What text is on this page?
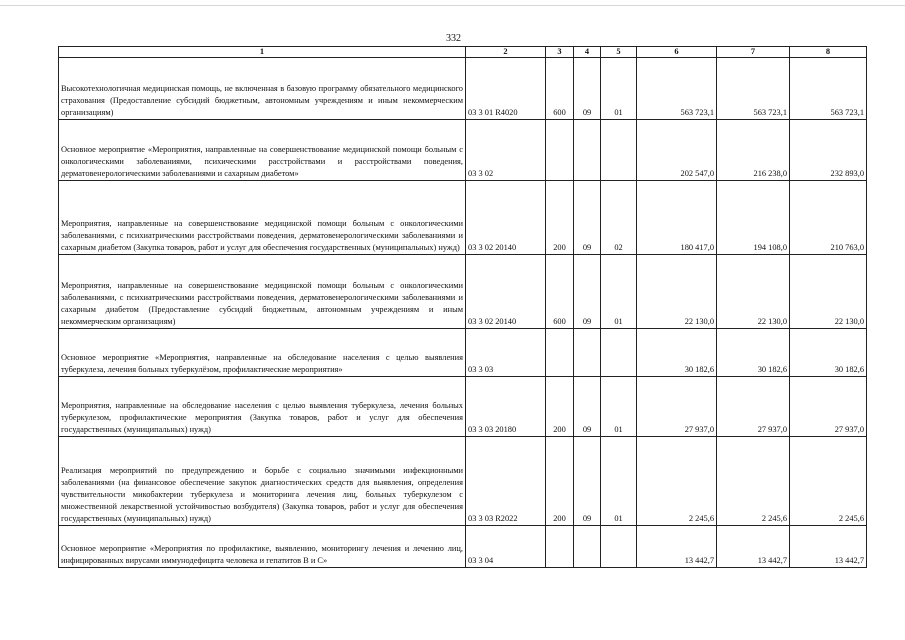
332
1	2	3	4	5	6	7	8
Высокотехнологичная медицинская помощь, не включенная в базовую программу обязательного медицинского страхования (Предоставление субсидий бюджетным, автономным учреждениям и иным некоммерческим организациям)	03 3 01 R4020	600	09	01	563 723,1	563 723,1	563 723,1
Основное мероприятие «Мероприятия, направленные на совершенствование медицинской помощи больным с онкологическими заболеваниями, психическими расстройствами и расстройствами поведения, дерматовенерологическими заболеваниями и сахарным диабетом»	03 3 02				202 547,0	216 238,0	232 893,0
Мероприятия, направленные на совершенствование медицинской помощи больным с онкологическими заболеваниями, с психиатрическими расстройствами поведения, дерматовенерологическими заболеваниями и сахарным диабетом (Закупка товаров, работ и услуг для обеспечения государственных (муниципальных) нужд)	03 3 02 20140	200	09	02	180 417,0	194 108,0	210 763,0
Мероприятия, направленные на совершенствование медицинской помощи больным с онкологическими заболеваниями, с психиатрическими расстройствами поведения, дерматовенерологическими заболеваниями и сахарным диабетом (Предоставление субсидий бюджетным, автономным учреждениям и иным некоммерческим организациям)	03 3 02 20140	600	09	01	22 130,0	22 130,0	22 130,0
Основное мероприятие «Мероприятия, направленные на обследование населения с целью выявления туберкулеза, лечения больных туберкулёзом, профилактические мероприятия»	03 3 03				30 182,6	30 182,6	30 182,6
Мероприятия, направленные на обследование населения с целью выявления туберкулеза, лечения больных туберкулезом, профилактические мероприятия (Закупка товаров, работ и услуг для обеспечения государственных (муниципальных) нужд)	03 3 03 20180	200	09	01	27 937,0	27 937,0	27 937,0
Реализация мероприятий по предупреждению и борьбе с социально значимыми инфекционными заболеваниями (на финансовое обеспечение закупок диагностических средств для выявления, определения чувствительности микобактерии туберкулеза и мониторинга лечения лиц, больных туберкулезом с множественной лекарственной устойчивостью возбудителя) (Закупка товаров, работ и услуг для обеспечения государственных (муниципальных) нужд)	03 3 03 R2022	200	09	01	2 245,6	2 245,6	2 245,6
Основное мероприятие «Мероприятия по профилактике, выявлению, мониторингу лечения и лечению лиц, инфицированных вирусами иммунодефицита человека и гепатитов В и С»	03 3 04				13 442,7	13 442,7	13 442,7
